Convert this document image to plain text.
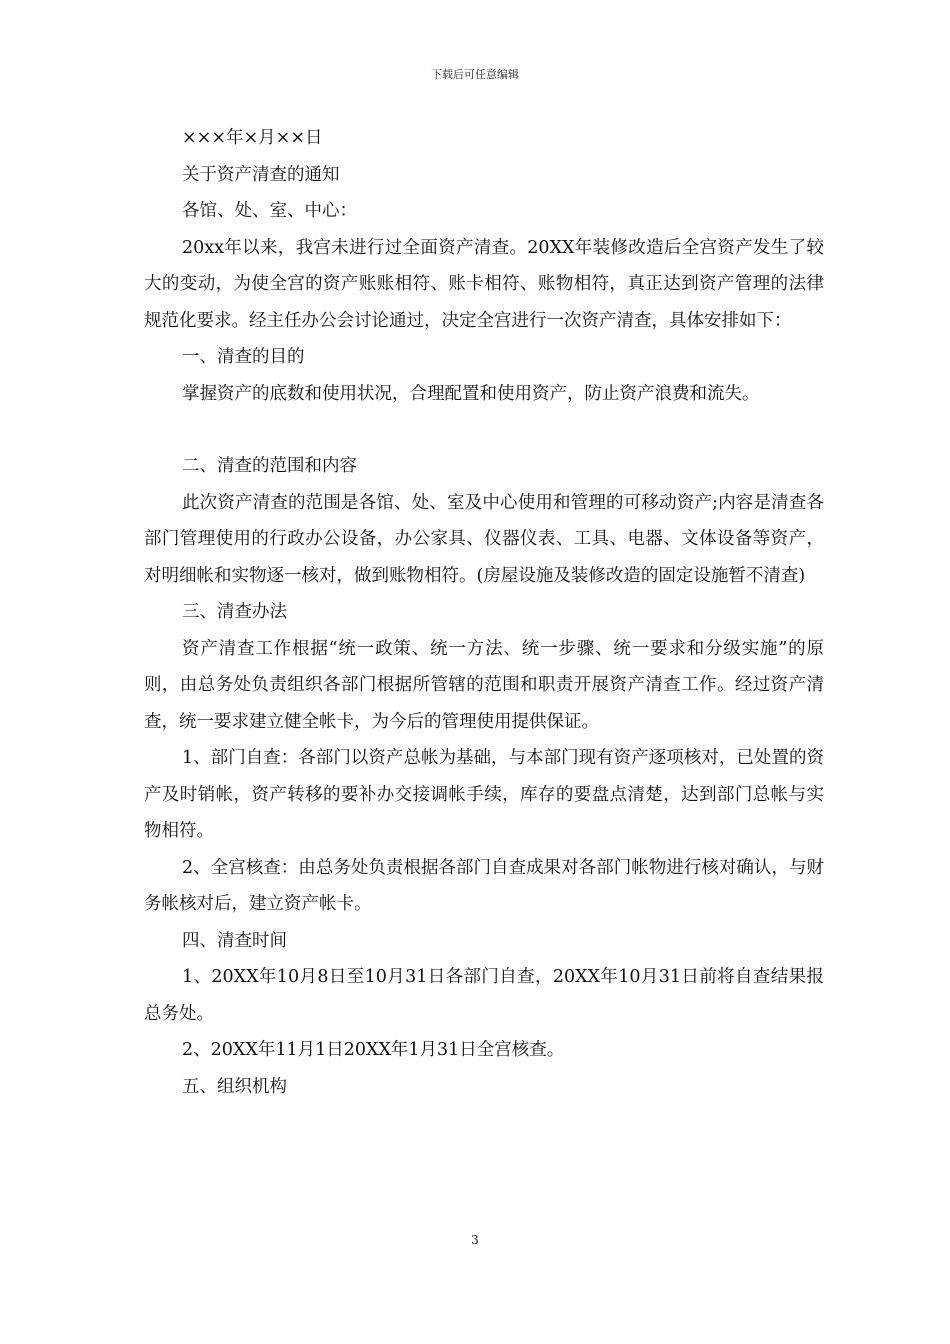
下载后可任意编辑

×××年×月××日

关于资产清查的通知

各馆、处、室、中心：

20xx年以来，我宫未进行过全面资产清查。20XX年装修改造后全宫资产发生了较大的变动，为使全宫的资产账账相符、账卡相符、账物相符，真正达到资产管理的法律规范化要求。经主任办公会讨论通过，决定全宫进行一次资产清查，具体安排如下：

一、清查的目的

掌握资产的底数和使用状况，合理配置和使用资产，防止资产浪费和流失。

二、清查的范围和内容

此次资产清查的范围是各馆、处、室及中心使用和管理的可移动资产;内容是清查各部门管理使用的行政办公设备，办公家具、仪器仪表、工具、电器、文体设备等资产，对明细帐和实物逐一核对，做到账物相符。(房屋设施及装修改造的固定设施暂不清查)

三、清查办法

资产清查工作根据“统一政策、统一方法、统一步骤、统一要求和分级实施”的原则，由总务处负责组织各部门根据所管辖的范围和职责开展资产清查工作。经过资产清查，统一要求建立健全帐卡，为今后的管理使用提供保证。

1、部门自查：各部门以资产总帐为基础，与本部门现有资产逐项核对，已处置的资产及时销帐，资产转移的要补办交接调帐手续，库存的要盘点清楚，达到部门总帐与实物相符。

2、全宫核查：由总务处负责根据各部门自查成果对各部门帐物进行核对确认，与财务帐核对后，建立资产帐卡。

四、清查时间

1、20XX年10月8日至10月31日各部门自查，20XX年10月31日前将自查结果报总务处。

2、20XX年11月1日20XX年1月31日全宫核查。

五、组织机构

3
